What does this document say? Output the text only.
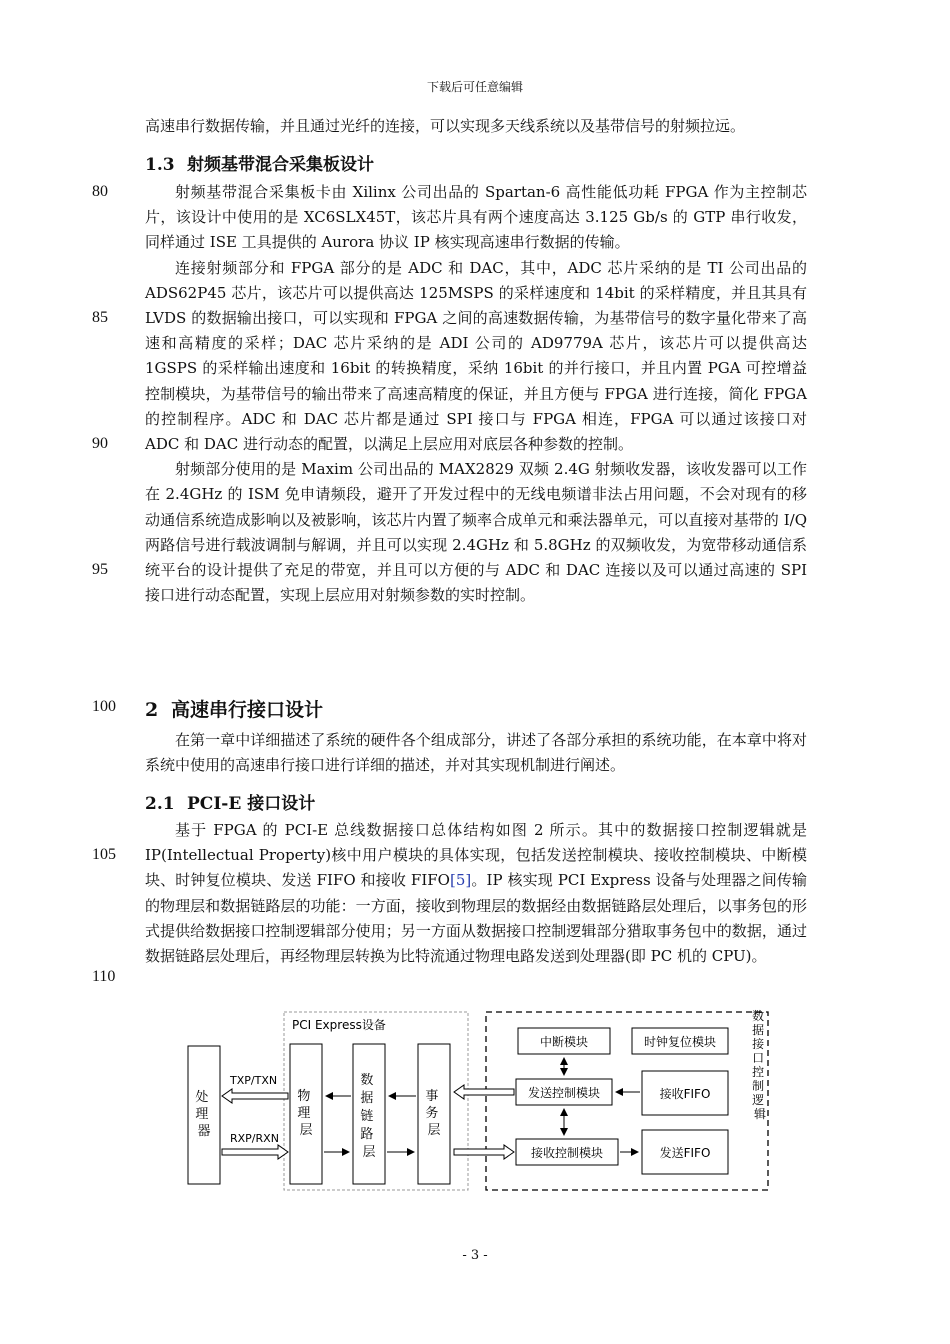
下载后可任意编辑
80
85
90
95
100
105
110

高速串行数据传输，并且通过光纤的连接，可以实现多天线系统以及基带信号的射频拉远。

1.3 射频基带混合采集板设计

射频基带混合采集板卡由 Xilinx 公司出品的 Spartan-6 高性能低功耗 FPGA 作为主控制芯片，该设计中使用的是 XC6SLX45T，该芯片具有两个速度高达 3.125 Gb/s 的 GTP 串行收发，同样通过 ISE 工具提供的 Aurora 协议 IP 核实现高速串行数据的传输。

连接射频部分和 FPGA 部分的是 ADC 和 DAC，其中，ADC 芯片采纳的是 TI 公司出品的 ADS62P45 芯片，该芯片可以提供高达 125MSPS 的采样速度和 14bit 的采样精度，并且其具有 LVDS 的数据输出接口，可以实现和 FPGA 之间的高速数据传输，为基带信号的数字量化带来了高速和高精度的采样；DAC 芯片采纳的是 ADI 公司的 AD9779A 芯片，该芯片可以提供高达 1GSPS 的采样输出速度和 16bit 的转换精度，采纳 16bit 的并行接口，并且内置 PGA 可控增益控制模块，为基带信号的输出带来了高速高精度的保证，并且方便与 FPGA 进行连接，简化 FPGA 的控制程序。ADC 和 DAC 芯片都是通过 SPI 接口与 FPGA 相连，FPGA 可以通过该接口对 ADC 和 DAC 进行动态的配置，以满足上层应用对底层各种参数的控制。

射频部分使用的是 Maxim 公司出品的 MAX2829 双频 2.4G 射频收发器，该收发器可以工作在 2.4GHz 的 ISM 免申请频段，避开了开发过程中的无线电频谱非法占用问题，不会对现有的移动通信系统造成影响以及被影响，该芯片内置了频率合成单元和乘法器单元，可以直接对基带的 I/Q 两路信号进行载波调制与解调，并且可以实现 2.4GHz 和 5.8GHz 的双频收发，为宽带移动通信系统平台的设计提供了充足的带宽，并且可以方便的与 ADC 和 DAC 连接以及可以通过高速的 SPI 接口进行动态配置，实现上层应用对射频参数的实时控制。

2 高速串行接口设计

在第一章中详细描述了系统的硬件各个组成部分，讲述了各部分承担的系统功能，在本章中将对系统中使用的高速串行接口进行详细的描述，并对其实现机制进行阐述。

2.1 PCI-E 接口设计

基于 FPGA 的 PCI-E 总线数据接口总体结构如图 2 所示。其中的数据接口控制逻辑就是 IP(Intellectual Property)核中用户模块的具体实现，包括发送控制模块、接收控制模块、中断模块、时钟复位模块、发送 FIFO 和接收 FIFO[5]。IP 核实现 PCI Express 设备与处理器之间传输的物理层和数据链路层的功能：一方面，接收到物理层的数据经由数据链路层处理后，以事务包的形式提供给数据接口控制逻辑部分使用；另一方面从数据接口控制逻辑部分猎取事务包中的数据，通过数据链路层处理后，再经物理层转换为比特流通过物理电路发送到处理器(即 PC 机的 CPU)。

PCI Express设备
处 理 器
物 理 层
数 据 链 路 层
事 务 层
TXP/TXN
RXP/RXN
数 据 接 口 控 制 逻 辑
中断模块	时钟复位模块
发送控制模块	接收FIFO
接收控制模块	发送FIFO
- 3 -
